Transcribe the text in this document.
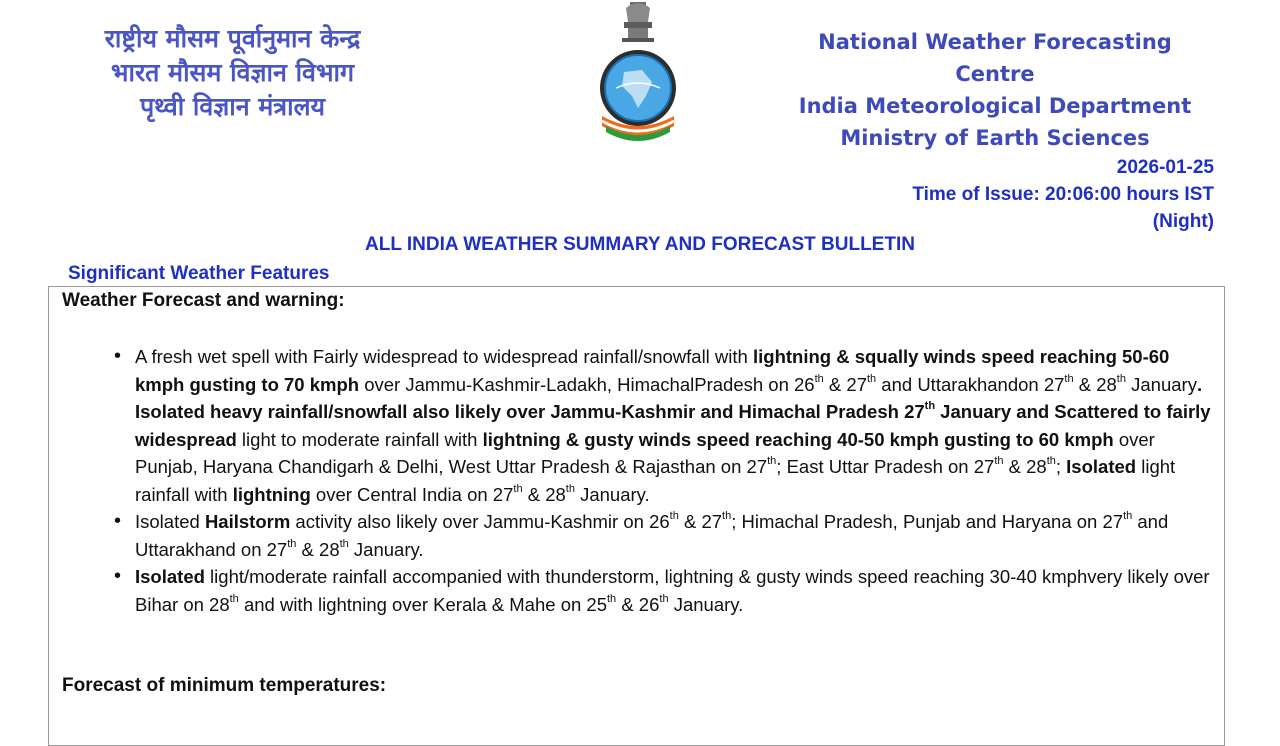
राष्ट्रीय मौसम पूर्वानुमान केन्द्र
भारत मौसम विज्ञान विभाग
पृथ्वी विज्ञान मंत्रालय
National Weather Forecasting Centre
India Meteorological Department
Ministry of Earth Sciences
2026-01-25
Time of Issue: 20:06:00 hours IST
(Night)
ALL INDIA WEATHER SUMMARY AND FORECAST BULLETIN
Significant Weather Features
Weather Forecast and warning:
• A fresh wet spell with Fairly widespread to widespread rainfall/snowfall with lightning & squally winds speed reaching 50-60 kmph gusting to 70 kmph over Jammu-Kashmir-Ladakh, HimachalPradesh on 26th & 27th and Uttarakhandon 27th & 28th January. Isolated heavy rainfall/snowfall also likely over Jammu-Kashmir and Himachal Pradesh 27th January and Scattered to fairly widespread light to moderate rainfall with lightning & gusty winds speed reaching 40-50 kmph gusting to 60 kmph over Punjab, Haryana Chandigarh & Delhi, West Uttar Pradesh & Rajasthan on 27th; East Uttar Pradesh on 27th & 28th; Isolated light rainfall with lightning over Central India on 27th & 28th January.
• Isolated Hailstorm activity also likely over Jammu-Kashmir on 26th & 27th; Himachal Pradesh, Punjab and Haryana on 27th and Uttarakhand on 27th & 28th January.
• Isolated light/moderate rainfall accompanied with thunderstorm, lightning & gusty winds speed reaching 30-40 kmphvery likely over Bihar on 28th and with lightning over Kerala & Mahe on 25th & 26th January.
Forecast of minimum temperatures:
